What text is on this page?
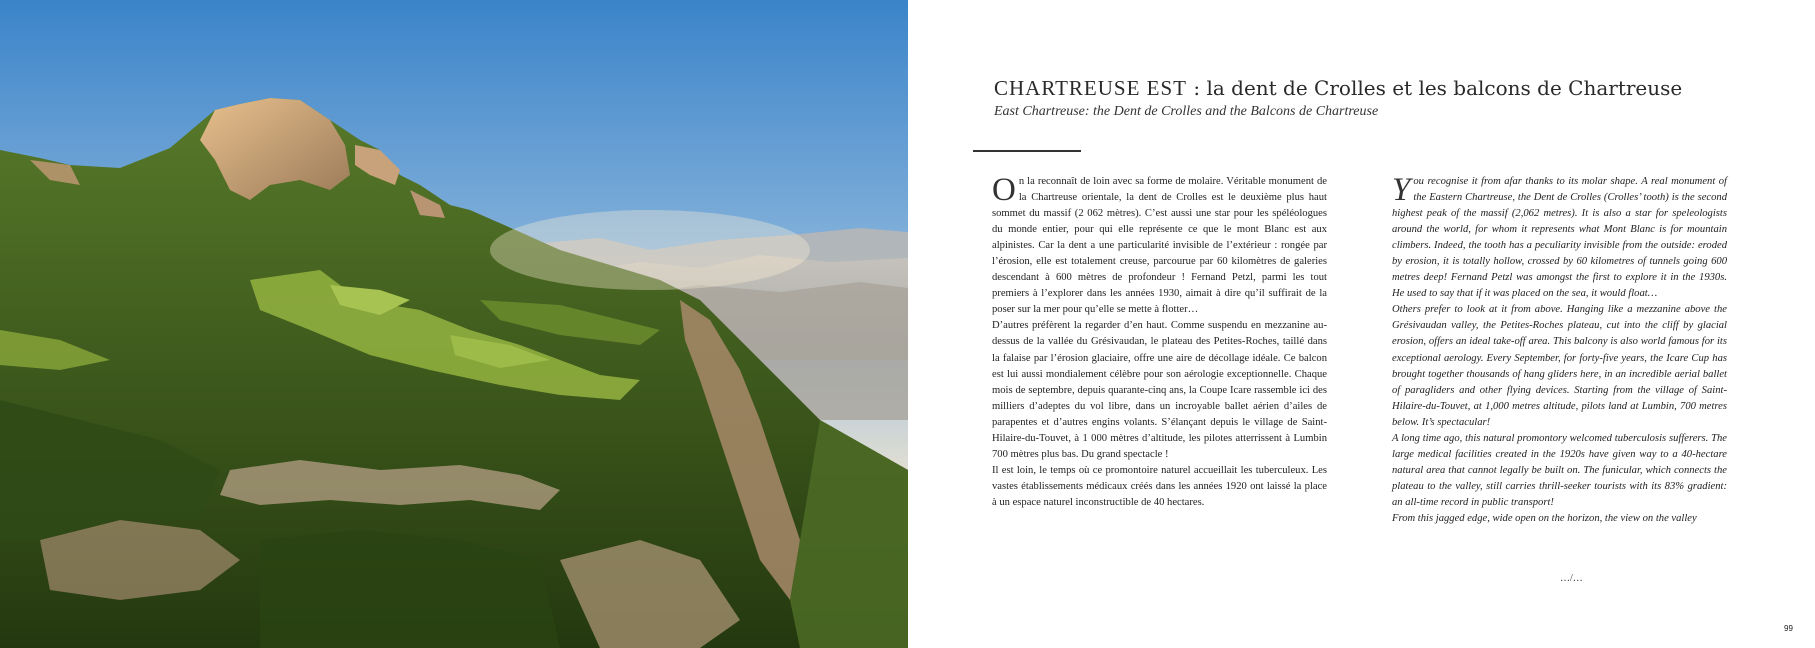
CHARTREUSE EST : la dent de Crolles et les balcons de Chartreuse
East Chartreuse: the Dent de Crolles and the Balcons de Chartreuse
O n la reconnaît de loin avec sa forme de molaire. Véritable monument de la Chartreuse orientale, la dent de Crolles est le deuxième plus haut sommet du massif (2 062 mètres). C’est aussi une star pour les spéléologues du monde entier, pour qui elle représente ce que le mont Blanc est aux alpinistes. Car la dent a une particularité invisible de l’extérieur : rongée par l’érosion, elle est totalement creuse, parcourue par 60 kilomètres de galeries descendant à 600 mètres de profondeur ! Fernand Petzl, parmi les tout premiers à l’explorer dans les années 1930, aimait à dire qu’il suffirait de la poser sur la mer pour qu’elle se mette à flotter…

D’autres préfèrent la regarder d’en haut. Comme suspendu en mezzanine au-dessus de la vallée du Grésivaudan, le plateau des Petites-Roches, taillé dans la falaise par l’érosion glaciaire, offre une aire de décollage idéale. Ce balcon est lui aussi mondialement célèbre pour son aérologie exceptionnelle. Chaque mois de septembre, depuis quarante-cinq ans, la Coupe Icare rassemble ici des milliers d’adeptes du vol libre, dans un incroyable ballet aérien d’ailes de parapentes et d’autres engins volants. S’élançant depuis le village de Saint-Hilaire-du-Touvet, à 1 000 mètres d’altitude, les pilotes atterrissent à Lumbin 700 mètres plus bas. Du grand spectacle !

Il est loin, le temps où ce promontoire naturel accueillait les tuberculeux. Les vastes établissements médicaux créés dans les années 1920 ont laissé la place à un espace naturel inconstructible de 40 hectares.

Y ou recognise it from afar thanks to its molar shape. A real monument of the Eastern Chartreuse, the Dent de Crolles (Crolles’ tooth) is the second highest peak of the massif (2,062 metres). It is also a star for speleologists around the world, for whom it represents what Mont Blanc is for mountain climbers. Indeed, the tooth has a peculiarity invisible from the outside: eroded by erosion, it is totally hollow, crossed by 60 kilometres of tunnels going 600 metres deep! Fernand Petzl was amongst the first to explore it in the 1930s. He used to say that if it was placed on the sea, it would float…

Others prefer to look at it from above. Hanging like a mezzanine above the Grésivaudan valley, the Petites-Roches plateau, cut into the cliff by glacial erosion, offers an ideal take-off area. This balcony is also world famous for its exceptional aerology. Every September, for forty-five years, the Icare Cup has brought together thousands of hang gliders here, in an incredible aerial ballet of paragliders and other flying devices. Starting from the village of Saint-Hilaire-du-Touvet, at 1,000 metres altitude, pilots land at Lumbin, 700 metres below. It’s spectacular!

A long time ago, this natural promontory welcomed tuberculosis sufferers. The large medical facilities created in the 1920s have given way to a 40-hectare natural area that cannot legally be built on. The funicular, which connects the plateau to the valley, still carries thrill-seeker tourists with its 83% gradient: an all-time record in public transport!

From this jagged edge, wide open on the horizon, the view on the valley

…/…
99
